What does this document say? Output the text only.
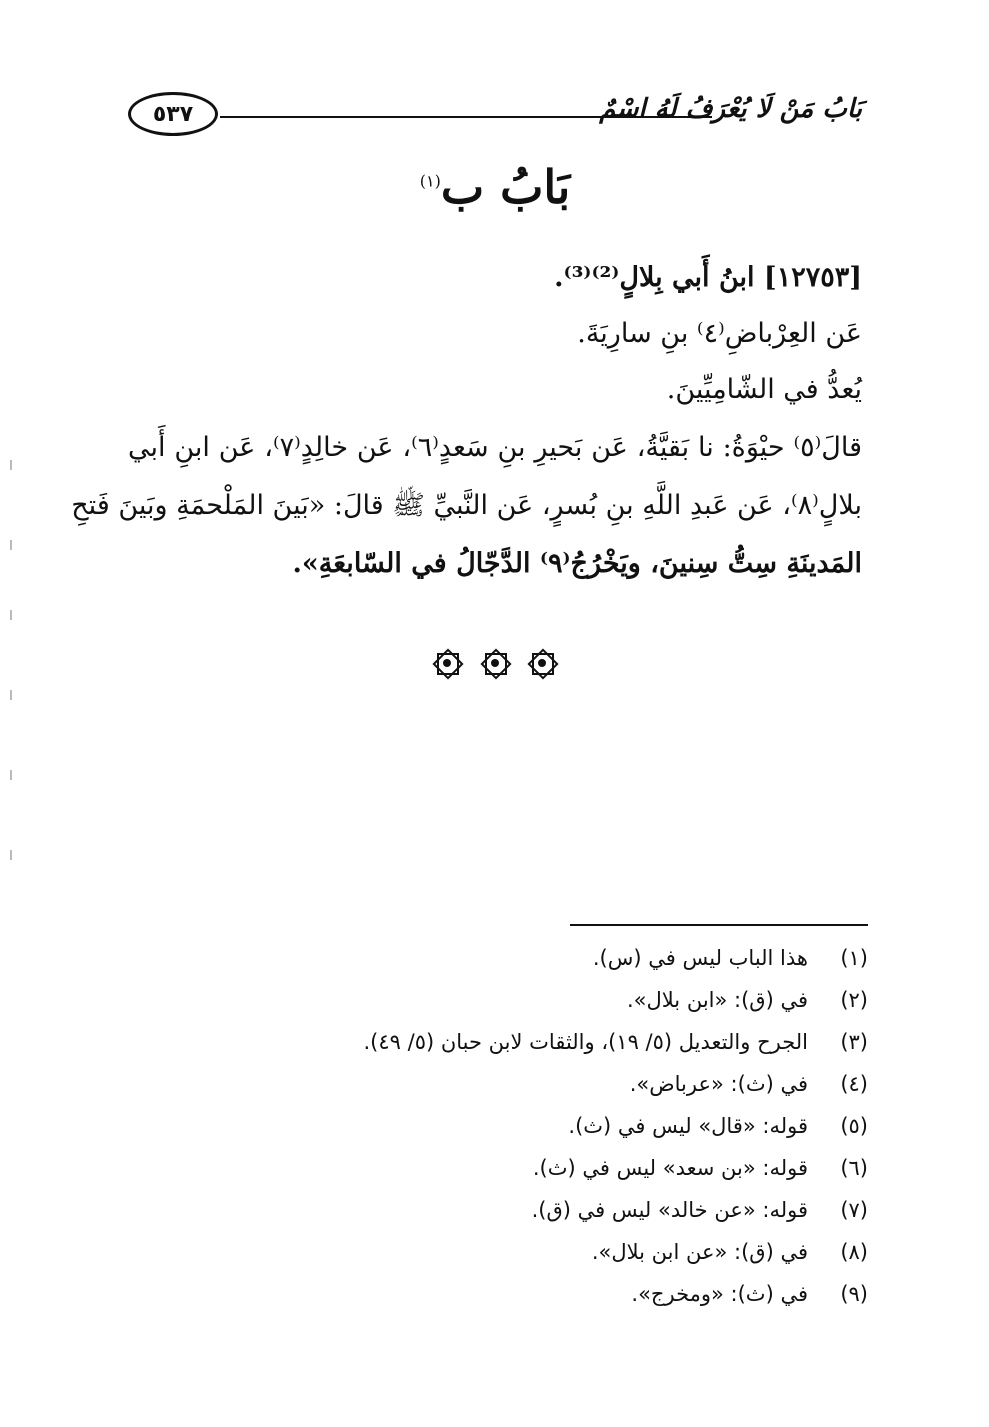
٥٣٧	بَابُ مَنْ لَا يُعْرَفُ لَهُ اسْمٌ
بَابُ ب$^{(١)}$
[١٢٧٥٣] ابنُ أَبي بِلالٍ⁽²⁾⁽³⁾.
عَن العِرْباضِ⁽٤⁾ بنِ سارِيَةَ.
يُعدُّ في الشّامِيِّينَ.
قالَ⁽٥⁾ حيْوَةُ: نا بَقيَّةُ، عَن بَحيرِ بنِ سَعدٍ⁽٦⁾، عَن خالِدٍ⁽٧⁾، عَن ابنِ أَبي
بلالٍ⁽٨⁾، عَن عَبدِ اللَّهِ بنِ بُسرٍ، عَن النَّبيِّ ﷺ قالَ: «بَينَ المَلْحمَةِ وبَينَ فَتحِ
المَدينَةِ سِتُّ سِنينَ، ويَخْرُجُ⁽٩⁾ الدَّجّالُ في السّابعَةِ».

(١)
هذا الباب ليس في (س).
(٢)
في (ق): «ابن بلال».
(٣)
الجرح والتعديل (٥/ ١٩)، والثقات لابن حبان (٥/ ٤٩).
(٤)
في (ث): «عرباض».
(٥)
قوله: «قال» ليس في (ث).
(٦)
قوله: «بن سعد» ليس في (ث).
(٧)
قوله: «عن خالد» ليس في (ق).
(٨)
في (ق): «عن ابن بلال».
(٩)
في (ث): «ومخرج».
